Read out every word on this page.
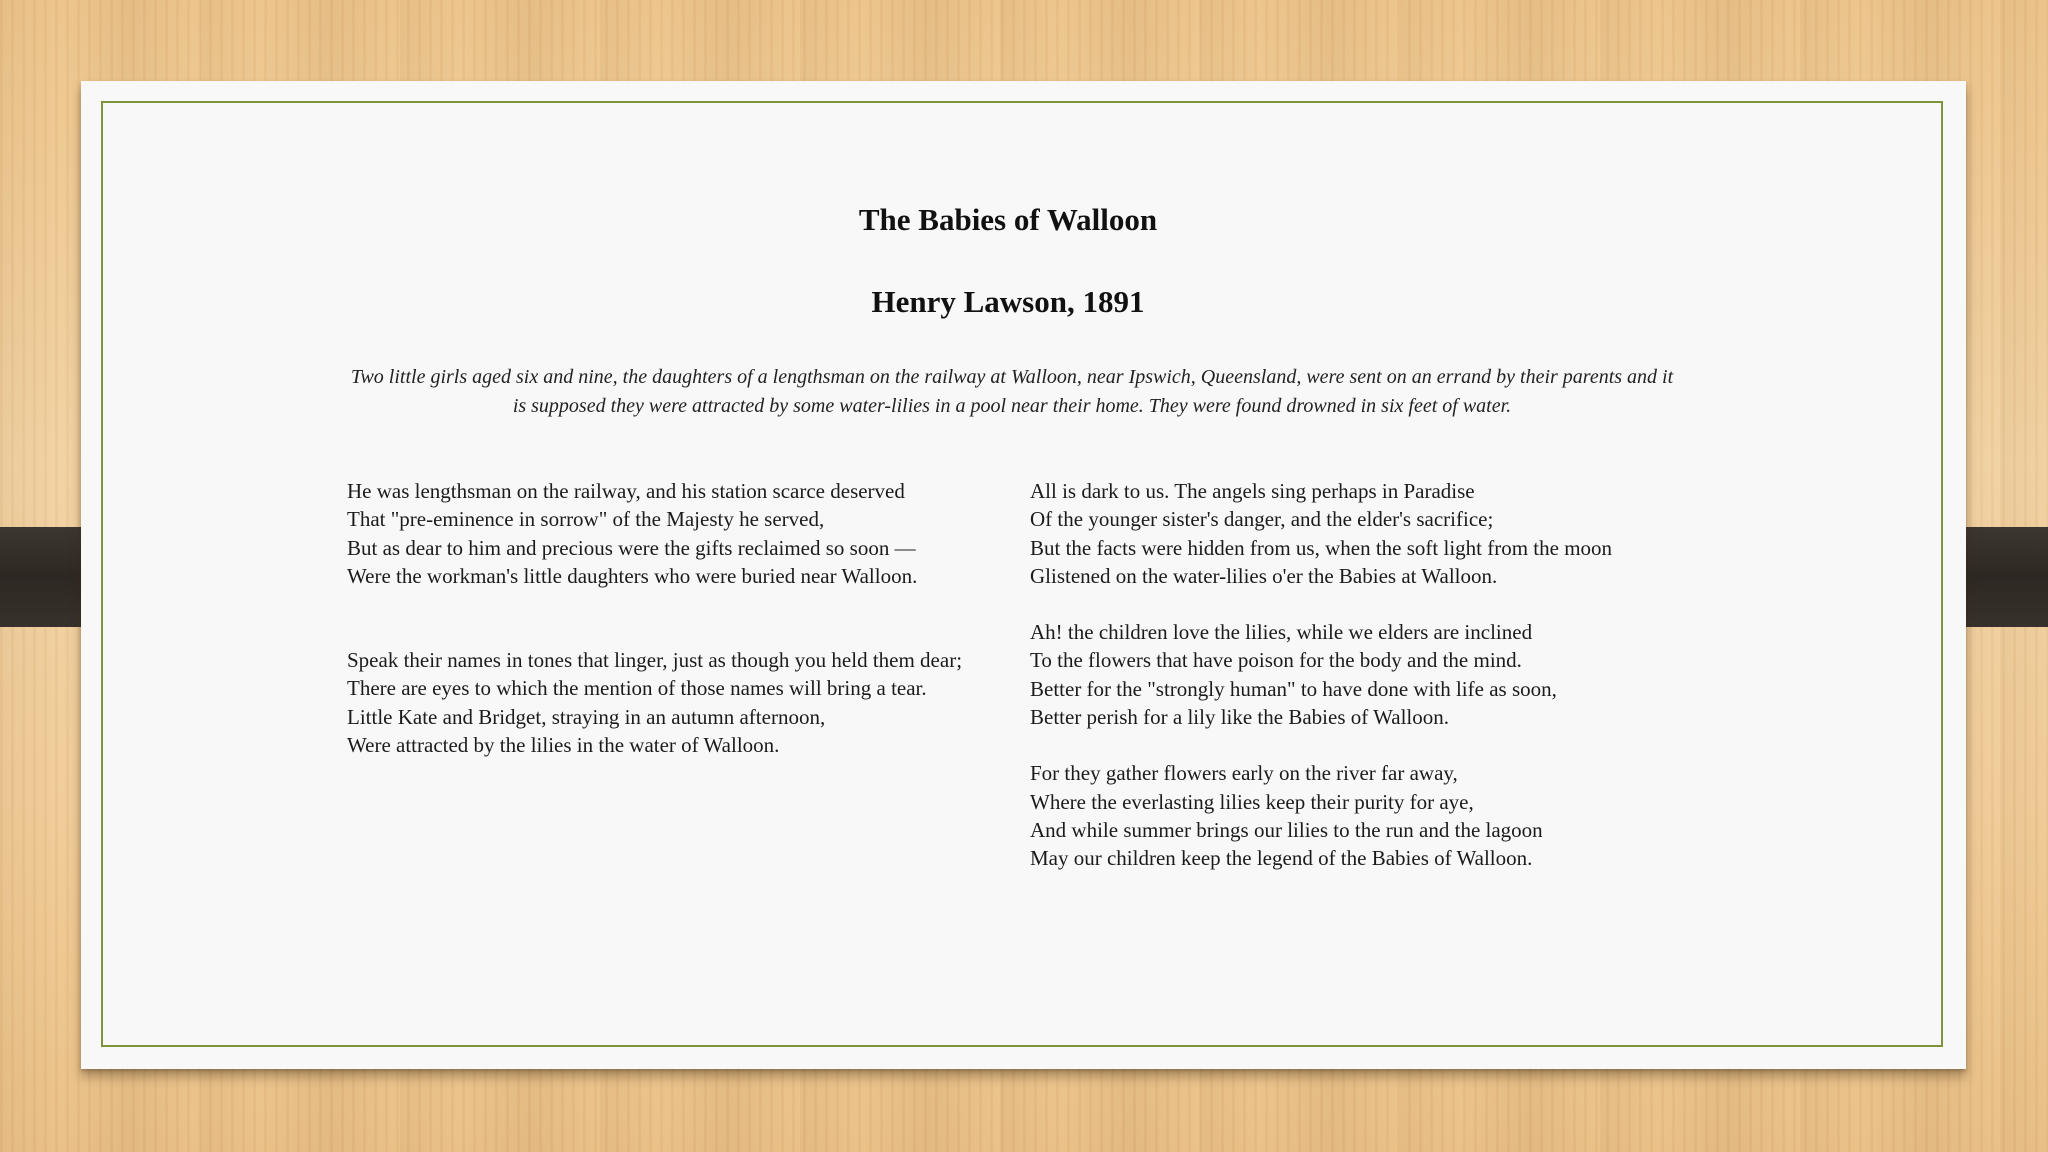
The Babies of Walloon
Henry Lawson, 1891

Two little girls aged six and nine, the daughters of a lengthsman on the railway at Walloon, near Ipswich, Queensland, were sent on an errand by their parents and it is supposed they were attracted by some water-lilies in a pool near their home. They were found drowned in six feet of water.

He was lengthsman on the railway, and his station scarce deserved
That "pre-eminence in sorrow" of the Majesty he served,
But as dear to him and precious were the gifts reclaimed so soon —
Were the workman's little daughters who were buried near Walloon.

Speak their names in tones that linger, just as though you held them dear;
There are eyes to which the mention of those names will bring a tear.
Little Kate and Bridget, straying in an autumn afternoon,
Were attracted by the lilies in the water of Walloon.

All is dark to us. The angels sing perhaps in Paradise
Of the younger sister's danger, and the elder's sacrifice;
But the facts were hidden from us, when the soft light from the moon
Glistened on the water-lilies o'er the Babies at Walloon.

Ah! the children love the lilies, while we elders are inclined
To the flowers that have poison for the body and the mind.
Better for the "strongly human" to have done with life as soon,
Better perish for a lily like the Babies of Walloon.

For they gather flowers early on the river far away,
Where the everlasting lilies keep their purity for aye,
And while summer brings our lilies to the run and the lagoon
May our children keep the legend of the Babies of Walloon.
